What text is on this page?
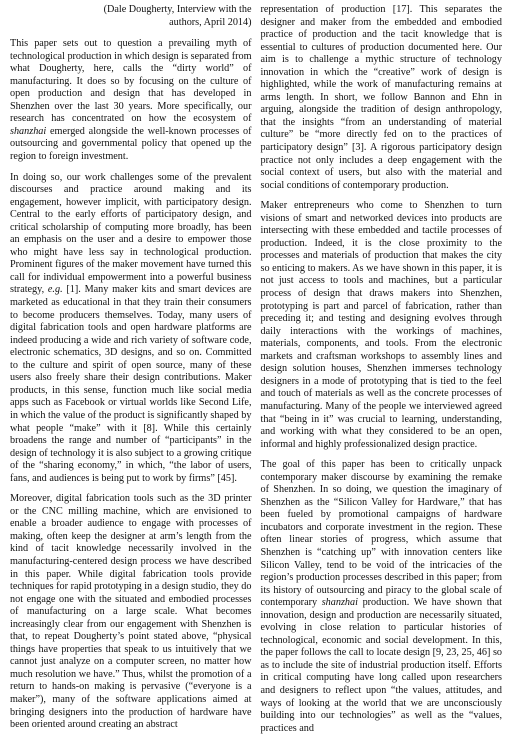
(Dale Dougherty, Interview with the
authors, April 2014)

This paper sets out to question a prevailing myth of technological production in which design is separated from what Dougherty, here, calls the “dirty world” of manufacturing. It does so by focusing on the culture of open production and design that has developed in Shenzhen over the last 30 years. More specifically, our research has concentrated on how the ecosystem of shanzhai emerged alongside the well-known processes of outsourcing and governmental policy that opened up the region to foreign investment.

In doing so, our work challenges some of the prevalent discourses and practice around making and its engagement, however implicit, with participatory design. Central to the early efforts of participatory design, and critical scholarship of computing more broadly, has been an emphasis on the user and a desire to empower those who might have less say in technological production. Prominent figures of the maker movement have turned this call for individual empowerment into a powerful business strategy, e.g. [1]. Many maker kits and smart devices are marketed as educational in that they train their consumers to become producers themselves. Today, many users of digital fabrication tools and open hardware platforms are indeed producing a wide and rich variety of software code, electronic schematics, 3D designs, and so on. Committed to the culture and spirit of open source, many of these users also freely share their design contributions. Maker products, in this sense, function much like social media apps such as Facebook or virtual worlds like Second Life, in which the value of the product is significantly shaped by what people “make” with it [8]. While this certainly broadens the range and number of “participants” in the design of technology it is also subject to a growing critique of the “sharing economy,” in which, “the labor of users, fans, and audiences is being put to work by firms” [45].

Moreover, digital fabrication tools such as the 3D printer or the CNC milling machine, which are envisioned to enable a broader audience to engage with processes of making, often keep the designer at arm’s length from the kind of tacit knowledge necessarily involved in the manufacturing-centered design process we have described in this paper. While digital fabrication tools provide techniques for rapid prototyping in a design studio, they do not engage one with the situated and embodied processes of manufacturing on a large scale. What becomes increasingly clear from our engagement with Shenzhen is that, to repeat Dougherty’s point stated above, “physical things have properties that speak to us intuitively that we cannot just analyze on a computer screen, no matter how much resolution we have.” Thus, whilst the promotion of a return to hands-on making is pervasive (“everyone is a maker”), many of the software applications aimed at bringing designers into the production of hardware have been oriented around creating an abstract

representation of production [17]. This separates the designer and maker from the embedded and embodied practice of production and the tacit knowledge that is essential to cultures of production documented here. Our aim is to challenge a mythic structure of technology innovation in which the “creative” work of design is highlighted, while the work of manufacturing remains at arms length. In short, we follow Bannon and Ehn in arguing, alongside the tradition of design anthropology, that the insights “from an understanding of material culture” be “more directly fed on to the practices of participatory design” [3]. A rigorous participatory design practice not only includes a deep engagement with the social context of users, but also with the material and social conditions of contemporary production.

Maker entrepreneurs who come to Shenzhen to turn visions of smart and networked devices into products are intersecting with these embedded and tactile processes of production. Indeed, it is the close proximity to the processes and materials of production that makes the city so enticing to makers. As we have shown in this paper, it is not just access to tools and machines, but a particular process of design that draws makers into Shenzhen, prototyping is part and parcel of fabrication, rather than preceding it; and testing and designing evolves through daily interactions with the workings of machines, materials, components, and tools. From the electronic markets and craftsman workshops to assembly lines and design solution houses, Shenzhen immerses technology designers in a mode of prototyping that is tied to the feel and touch of materials as well as the concrete processes of manufacturing. Many of the people we interviewed agreed that “being in it” was crucial to learning, understanding, and working with what they considered to be an open, informal and highly professionalized design practice.

The goal of this paper has been to critically unpack contemporary maker discourse by examining the remake of Shenzhen. In so doing, we question the imaginary of Shenzhen as the “Silicon Valley for Hardware,” that has been fueled by promotional campaigns of hardware incubators and corporate investment in the region. These often linear stories of progress, which assume that Shenzhen is “catching up” with innovation centers like Silicon Valley, tend to be void of the intricacies of the region’s production processes described in this paper; from its history of outsourcing and piracy to the global scale of contemporary shanzhai production. We have shown that innovation, design and production are necessarily situated, evolving in close relation to particular histories of technological, economic and social development. In this, the paper follows the call to locate design [9, 23, 25, 46] so as to include the site of industrial production itself. Efforts in critical computing have long called upon researchers and designers to reflect upon “the values, attitudes, and ways of looking at the world that we are unconsciously building into our technologies” as well as the “values, practices and
